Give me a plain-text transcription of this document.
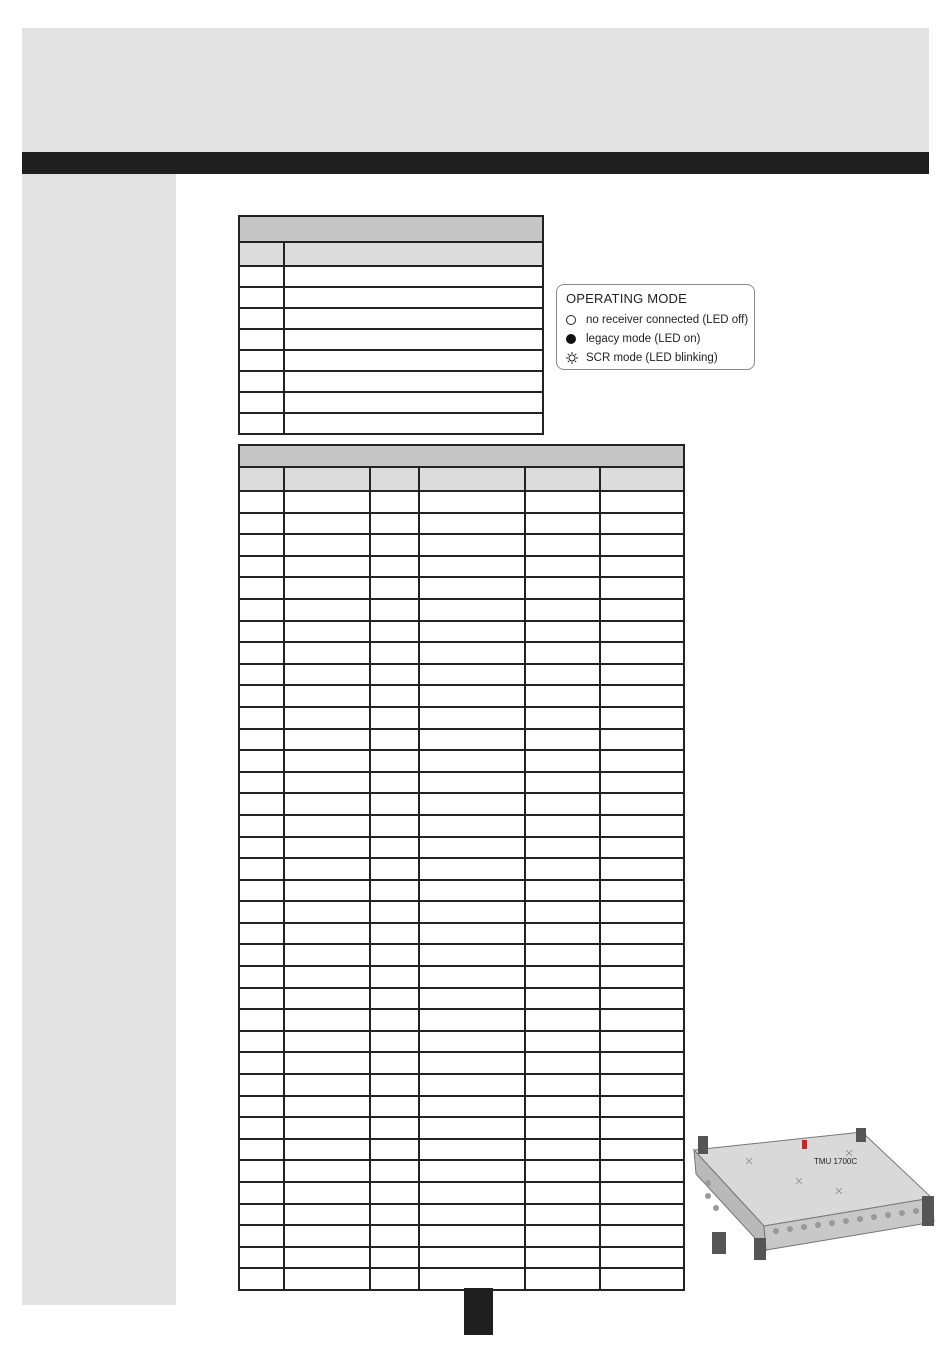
OPERATING MODE
no receiver connected (LED off)
legacy mode (LED on)
SCR mode (LED blinking)

TMU 1700C
